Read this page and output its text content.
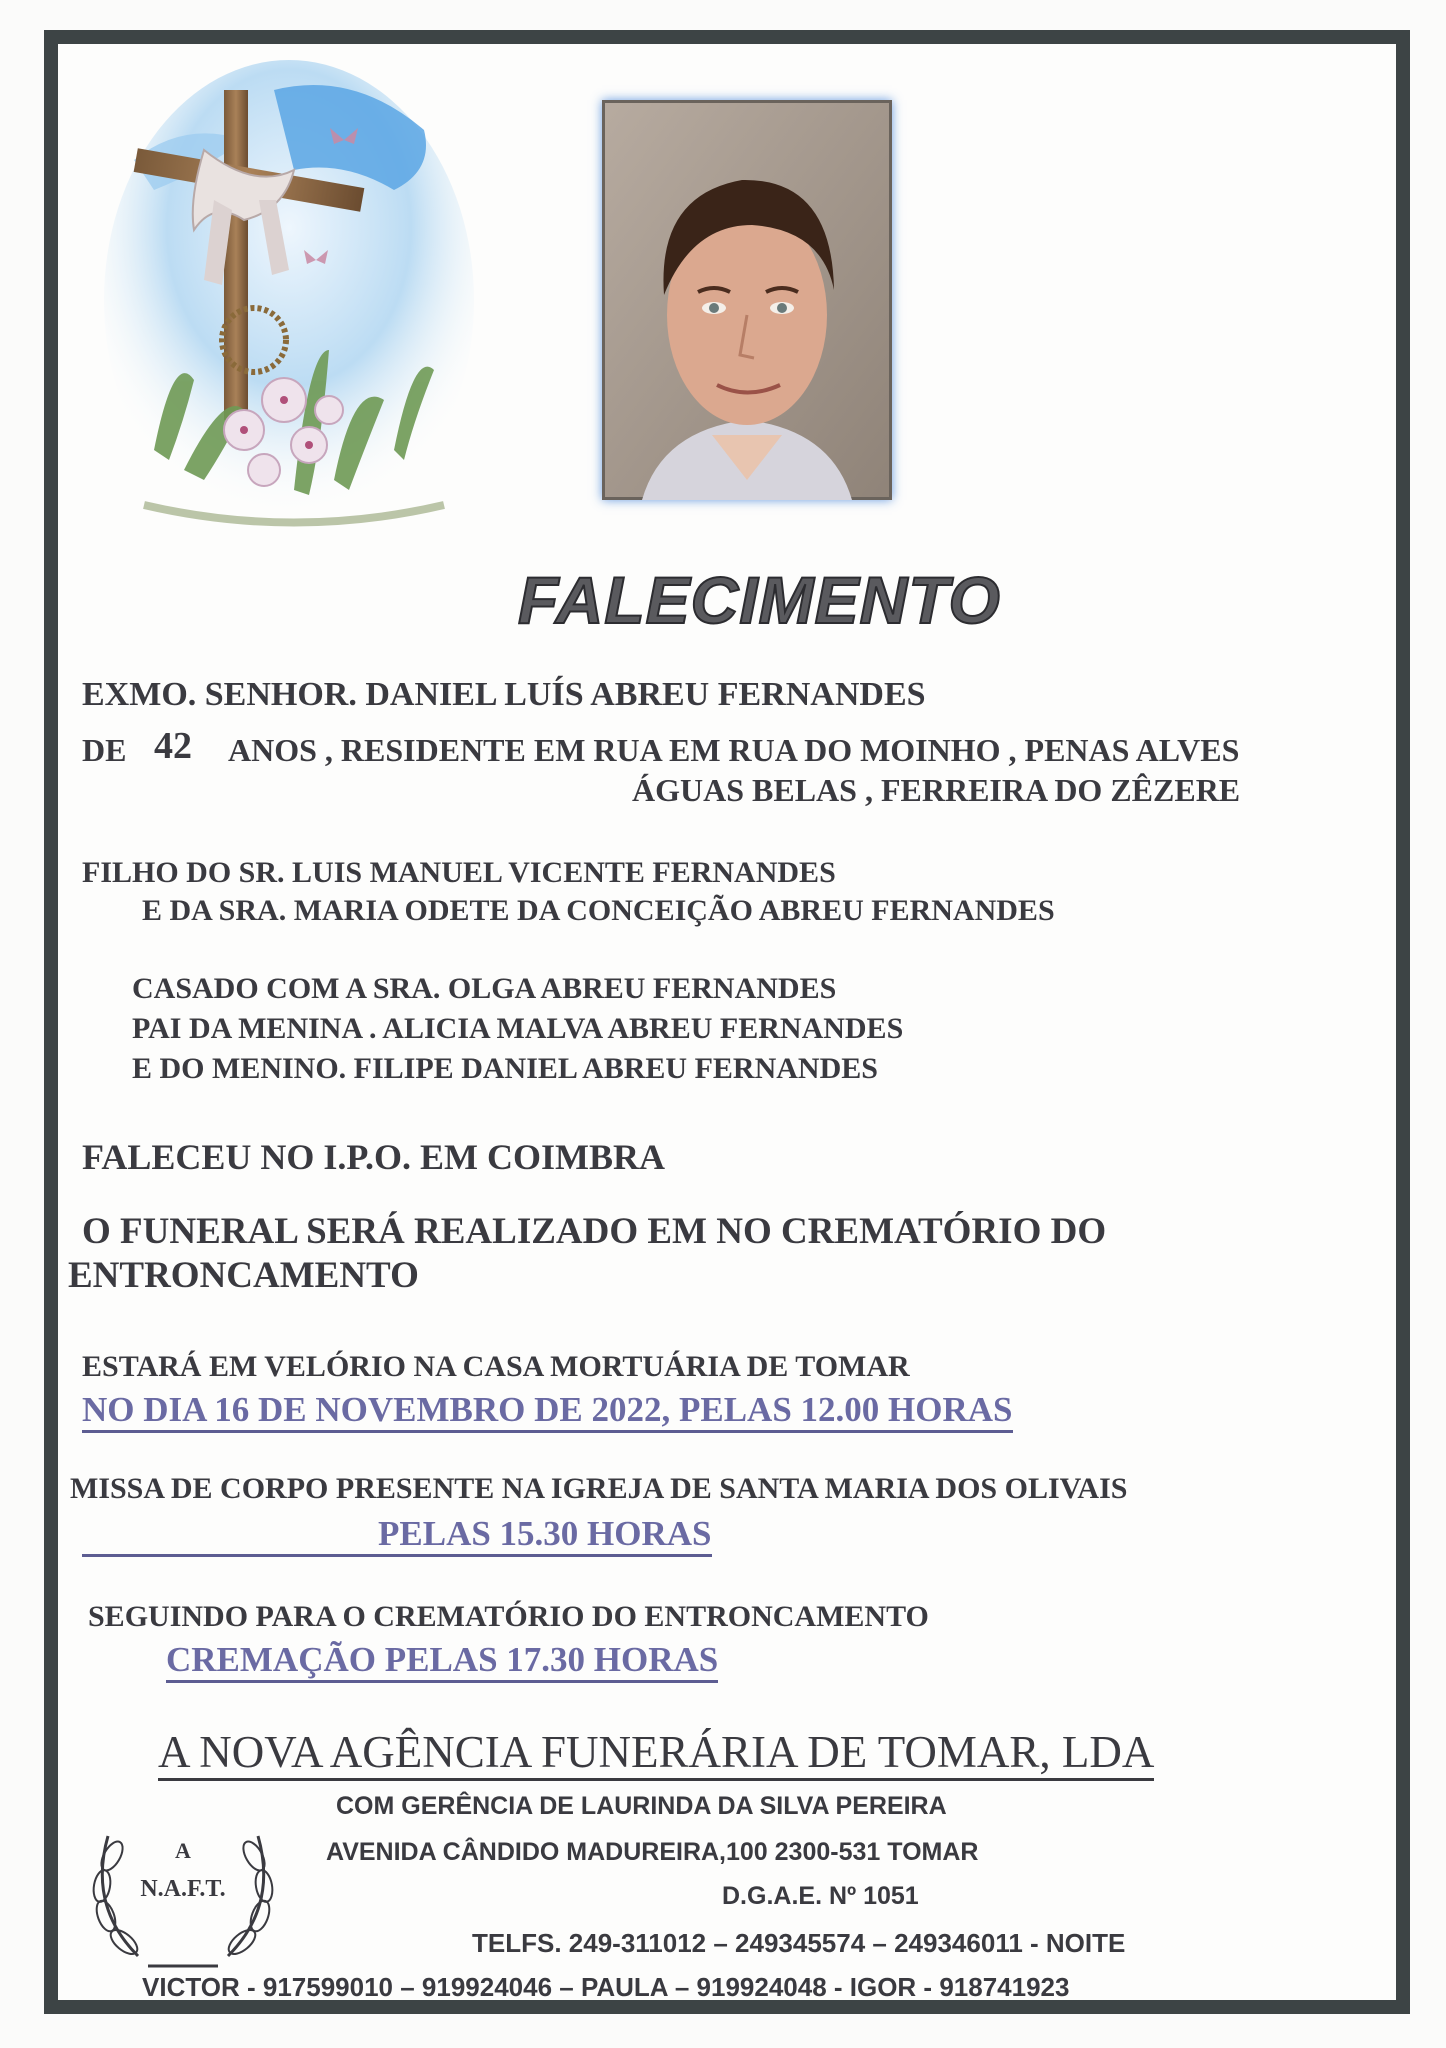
FALECIMENTO
EXMO. SENHOR. DANIEL LUÍS ABREU FERNANDES
DE 42 ANOS , RESIDENTE EM RUA EM RUA DO MOINHO , PENAS ALVES
ÁGUAS BELAS , FERREIRA DO ZÊZERE
FILHO DO SR. LUIS MANUEL VICENTE FERNANDES
E DA SRA. MARIA ODETE DA CONCEIÇÃO ABREU FERNANDES
CASADO COM A SRA. OLGA ABREU FERNANDES
PAI DA MENINA . ALICIA MALVA ABREU FERNANDES
E DO MENINO. FILIPE DANIEL ABREU FERNANDES
FALECEU NO I.P.O. EM COIMBRA
O FUNERAL SERÁ REALIZADO EM NO CREMATÓRIO DO
ENTRONCAMENTO
ESTARÁ EM VELÓRIO NA CASA MORTUÁRIA DE TOMAR
NO DIA 16 DE NOVEMBRO DE 2022, PELAS 12.00 HORAS
MISSA DE CORPO PRESENTE NA IGREJA DE SANTA MARIA DOS OLIVAIS
PELAS 15.30 HORAS
SEGUINDO PARA O CREMATÓRIO DO ENTRONCAMENTO
CREMAÇÃO PELAS 17.30 HORAS
A NOVA AGÊNCIA FUNERÁRIA DE TOMAR, LDA
COM GERÊNCIA DE LAURINDA DA SILVA PEREIRA
AVENIDA CÂNDIDO MADUREIRA,100 2300-531 TOMAR
D.G.A.E. Nº 1051
TELFS. 249-311012 – 249345574 – 249346011 - NOITE
VICTOR - 917599010 – 919924046 – PAULA – 919924048 - IGOR - 918741923
A
N.A.F.T.
